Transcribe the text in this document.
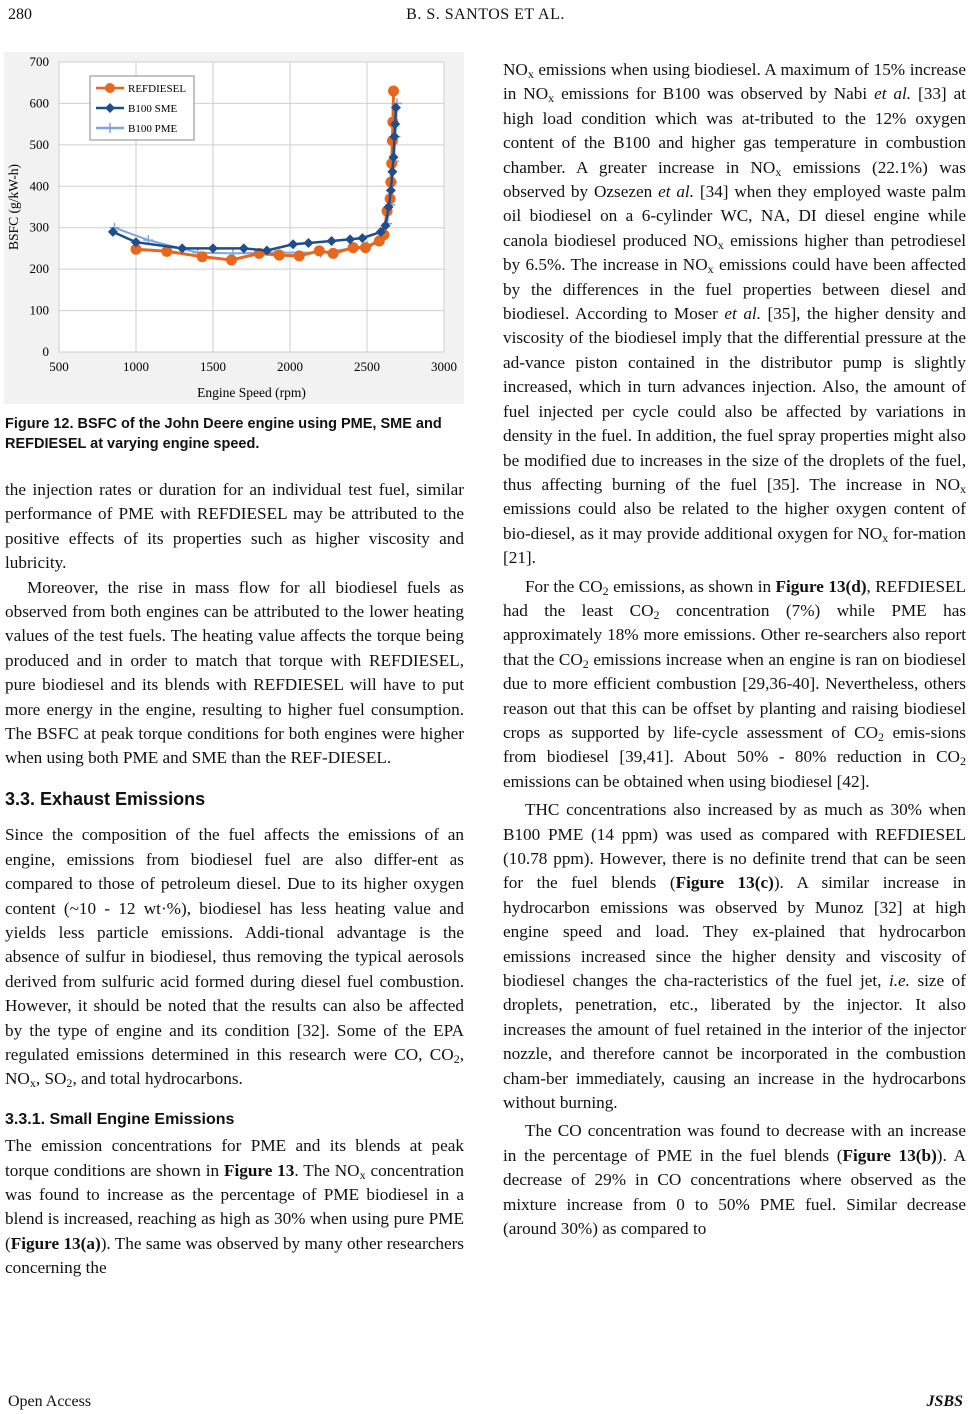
280	B. S. SANTOS ET AL.
0
100
200
300
400
500
600
700
500	1000	1500	2000	2500	3000
Engine Speed (rpm)
BSFC (g/kW-h)
REFDIESEL
B100 SME
B100 PME
Figure 12. BSFC of the John Deere engine using PME, SME and REFDIESEL at varying engine speed.

the injection rates or duration for an individual test fuel, similar performance of PME with REFDIESEL may be attributed to the positive effects of its properties such as higher viscosity and lubricity.

Moreover, the rise in mass flow for all biodiesel fuels as observed from both engines can be attributed to the lower heating values of the test fuels. The heating value affects the torque being produced and in order to match that torque with REFDIESEL, pure biodiesel and its blends with REFDIESEL will have to put more energy in the engine, resulting to higher fuel consumption. The BSFC at peak torque conditions for both engines were higher when using both PME and SME than the REF-DIESEL.

3.3. Exhaust Emissions

Since the composition of the fuel affects the emissions of an engine, emissions from biodiesel fuel are also differ-ent as compared to those of petroleum diesel. Due to its higher oxygen content (~10 - 12 wt·%), biodiesel has less heating value and yields less particle emissions. Addi-tional advantage is the absence of sulfur in biodiesel, thus removing the typical aerosols derived from sulfuric acid formed during diesel fuel combustion. However, it should be noted that the results can also be affected by the type of engine and its condition [32]. Some of the EPA regulated emissions determined in this research were CO, $CO_2$, $NO_x$, $SO_2$, and total hydrocarbons.

3.3.1. Small Engine Emissions

The emission concentrations for PME and its blends at peak torque conditions are shown in Figure 13. The $NO_x$ concentration was found to increase as the percentage of PME biodiesel in a blend is increased, reaching as high as 30% when using pure PME (Figure 13(a)). The same was observed by many other researchers concerning the

$NO_x$ emissions when using biodiesel. A maximum of 15% increase in $NO_x$ emissions for B100 was observed by Nabi et al. [33] at high load condition which was at-tributed to the 12% oxygen content of the B100 and higher gas temperature in combustion chamber. A greater increase in $NO_x$ emissions (22.1%) was observed by Ozsezen et al. [34] when they employed waste palm oil biodiesel on a 6-cylinder WC, NA, DI diesel engine while canola biodiesel produced $NO_x$ emissions higher than petrodiesel by 6.5%. The increase in $NO_x$ emissions could have been affected by the differences in the fuel properties between diesel and biodiesel. According to Moser et al. [35], the higher density and viscosity of the biodiesel imply that the differential pressure at the ad-vance piston contained in the distributor pump is slightly increased, which in turn advances injection. Also, the amount of fuel injected per cycle could also be affected by variations in density in the fuel. In addition, the fuel spray properties might also be modified due to increases in the size of the droplets of the fuel, thus affecting burning of the fuel [35]. The increase in $NO_x$ emissions could also be related to the higher oxygen content of bio-diesel, as it may provide additional oxygen for $NO_x$ for-mation [21].

For the $CO_2$ emissions, as shown in Figure 13(d), REFDIESEL had the least $CO_2$ concentration (7%) while PME has approximately 18% more emissions. Other re-searchers also report that the $CO_2$ emissions increase when an engine is ran on biodiesel due to more efficient combustion [29,36-40]. Nevertheless, others reason out that this can be offset by planting and raising biodiesel crops as supported by life-cycle assessment of $CO_2$ emis-sions from biodiesel [39,41]. About 50% - 80% reduction in $CO_2$ emissions can be obtained when using biodiesel [42].

THC concentrations also increased by as much as 30% when B100 PME (14 ppm) was used as compared with REFDIESEL (10.78 ppm). However, there is no definite trend that can be seen for the fuel blends (Figure 13(c)). A similar increase in hydrocarbon emissions was observed by Munoz [32] at high engine speed and load. They ex-plained that hydrocarbon emissions increased since the higher density and viscosity of biodiesel changes the cha-racteristics of the fuel jet, i.e. size of droplets, penetration, etc., liberated by the injector. It also increases the amount of fuel retained in the interior of the injector nozzle, and therefore cannot be incorporated in the combustion cham-ber immediately, causing an increase in the hydrocarbons without burning.

The CO concentration was found to decrease with an increase in the percentage of PME in the fuel blends (Figure 13(b)). A decrease of 29% in CO concentrations where observed as the mixture increase from 0 to 50% PME fuel. Similar decrease (around 30%) as compared to

Open Access	JSBS
